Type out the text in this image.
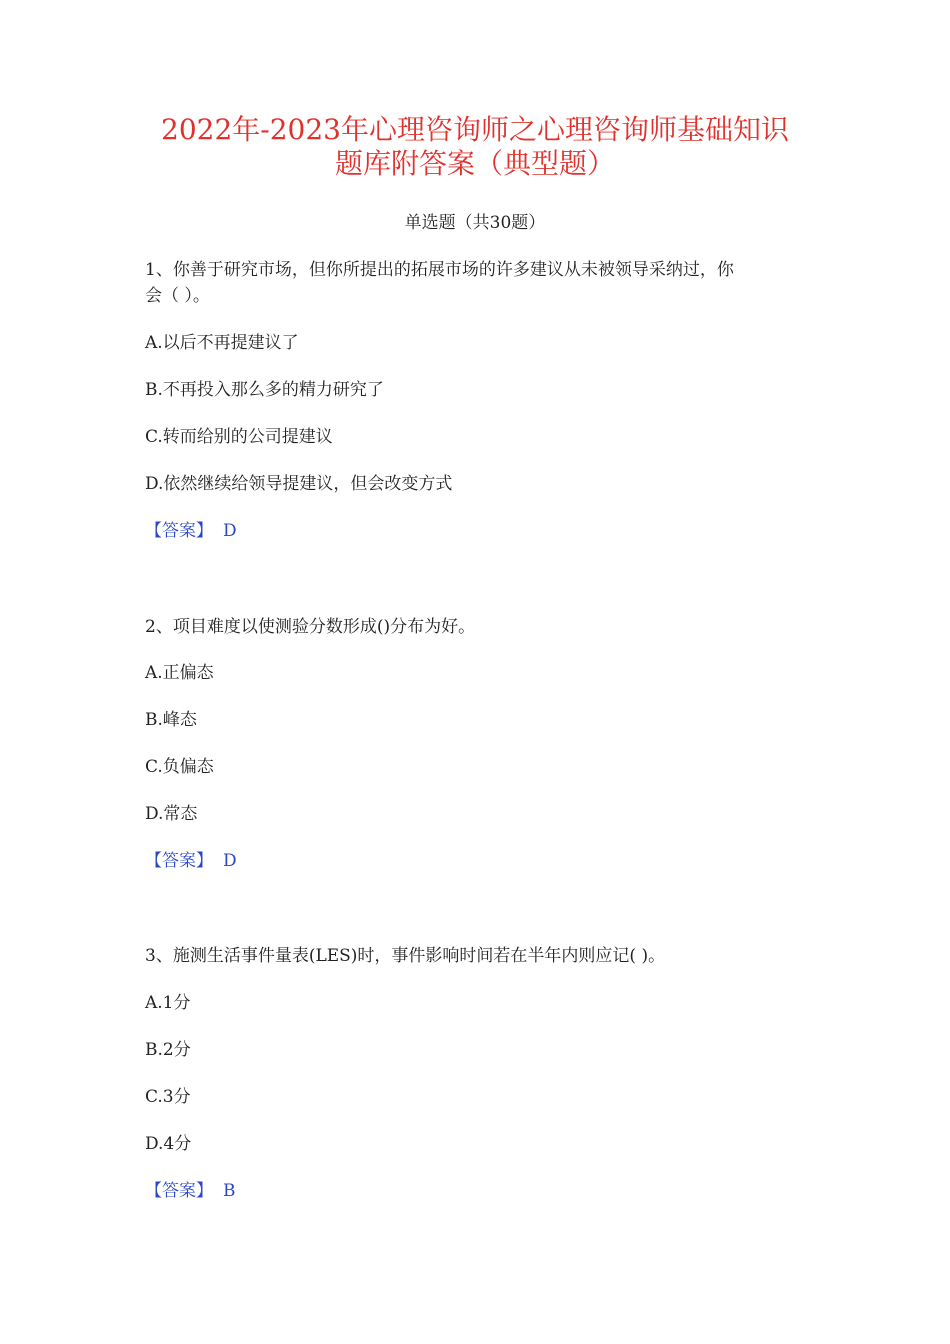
2022年-2023年心理咨询师之心理咨询师基础知识
题库附答案（典型题）
单选题（共30题）
1、你善于研究市场，但你所提出的拓展市场的许多建议从未被领导采纳过，你
会（ ）。
A.以后不再提建议了
B.不再投入那么多的精力研究了
C.转而给别的公司提建议
D.依然继续给领导提建议，但会改变方式
【答案】 D
2、项目难度以使测验分数形成()分布为好。
A.正偏态
B.峰态
C.负偏态
D.常态
【答案】 D
3、施测生活事件量表(LES)时，事件影响时间若在半年内则应记( )。
A.1分
B.2分
C.3分
D.4分
【答案】 B
